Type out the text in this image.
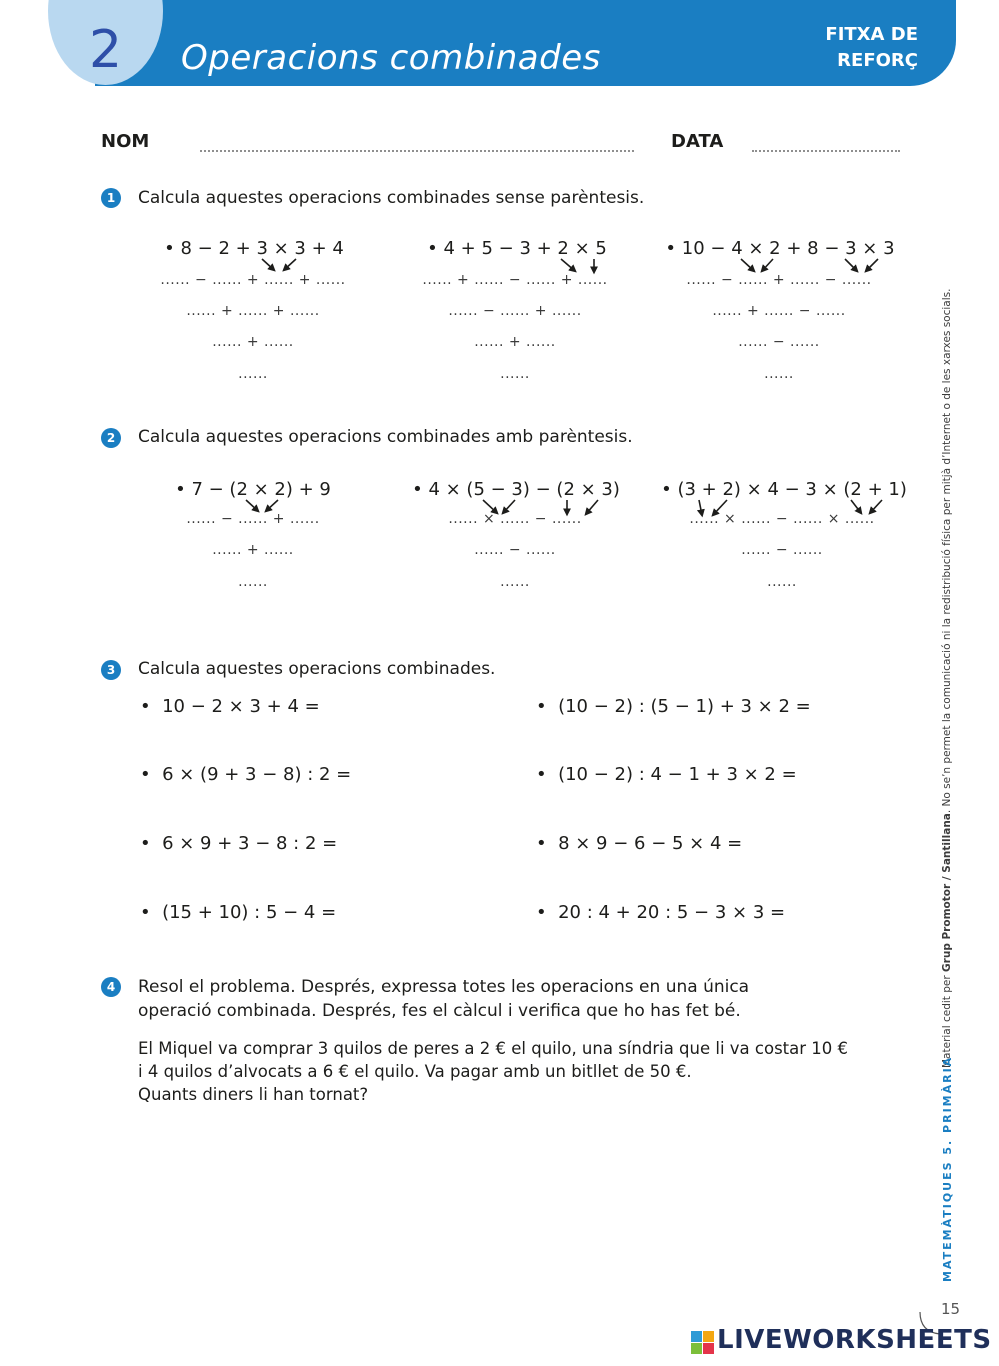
2	Operacions combinades
FITXA DE
REFORÇ
NOM	DATA
1	Calcula aquestes operacions combinades sense parèntesis.
• 8 − 2 + 3 × 3 + 4
...... − ...... + ...... + ......
...... + ...... + ......
...... + ......
......
• 4 + 5 − 3 + 2 × 5
...... + ...... − ...... + ......
...... − ...... + ......
...... + ......
......
• 10 − 4 × 2 + 8 − 3 × 3
...... − ...... + ...... − ......
...... + ...... − ......
...... − ......
......
2	Calcula aquestes operacions combinades amb parèntesis.
• 7 − (2 × 2) + 9
...... − ...... + ......
...... + ......
......
• 4 × (5 − 3) − (2 × 3)
...... × ...... − ......
...... − ......
......
• (3 + 2) × 4 − 3 × (2 + 1)
...... × ...... − ...... × ......
...... − ......
......
3	Calcula aquestes operacions combinades.
•  10 − 2 × 3 + 4 =
•  6 × (9 + 3 − 8) : 2 =
•  6 × 9 + 3 − 8 : 2 =
•  (15 + 10) : 5 − 4 =
•  (10 − 2) : (5 − 1) + 3 × 2 =
•  (10 − 2) : 4 − 1 + 3 × 2 =
•  8 × 9 − 6 − 5 × 4 =
•  20 : 4 + 20 : 5 − 3 × 3 =
4	Resol el problema. Després, expressa totes les operacions en una única
operació combinada. Després, fes el càlcul i verifica que ho has fet bé.
El Miquel va comprar 3 quilos de peres a 2 € el quilo, una síndria que li va costar 10 €
i 4 quilos d’alvocats a 6 € el quilo. Va pagar amb un bitllet de 50 €.
Quants diners li han tornat?
Material cedit per Grup Promotor / Santillana. No se’n permet la comunicació ni la redistribució física per mitjà d’Internet o de les xarxes socials.
MATEMÀTIQUES 5. PRIMÀRIA
15
LIVEWORKSHEETS
